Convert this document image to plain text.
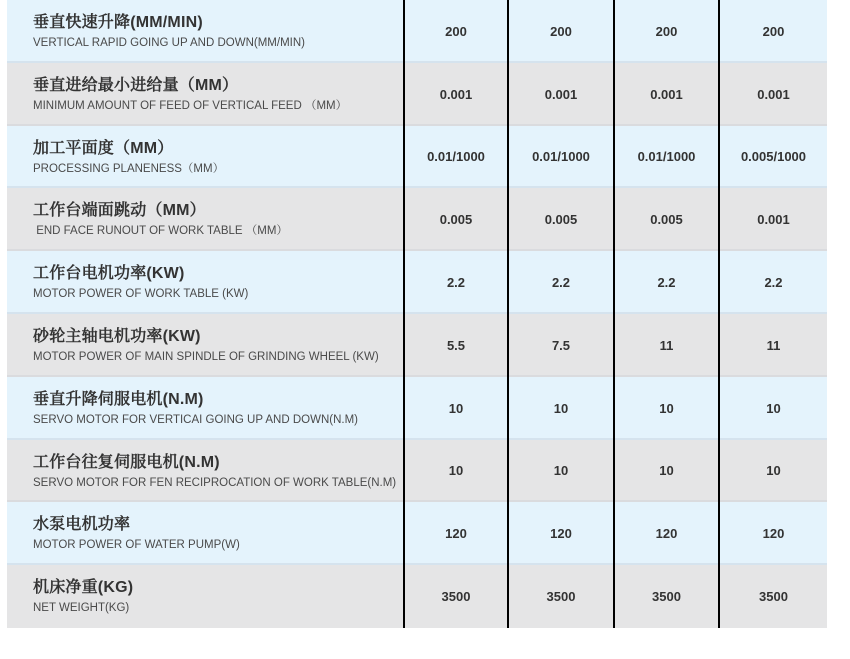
垂直快速升降(MM/MIN)
VERTICAL RAPID GOING UP AND DOWN(MM/MIN)
200	200	200	200
垂直进给最小进给量（MM）
MINIMUM AMOUNT OF FEED OF VERTICAL FEED （MM）
0.001	0.001	0.001	0.001
加工平面度（MM）
PROCESSING PLANENESS（MM）
0.01/1000	0.01/1000	0.01/1000	0.005/1000
工作台端面跳动（MM）
END FACE RUNOUT OF WORK TABLE （MM）
0.005	0.005	0.005	0.001
工作台电机功率(KW)
MOTOR POWER OF WORK TABLE (KW)
2.2	2.2	2.2	2.2
砂轮主轴电机功率(KW)
MOTOR POWER OF MAIN SPINDLE OF GRINDING WHEEL (KW)
5.5	7.5	11	11
垂直升降伺服电机(N.M)
SERVO MOTOR FOR VERTICAI GOING UP AND DOWN(N.M)
10	10	10	10
工作台往复伺服电机(N.M)
SERVO MOTOR FOR FEN RECIPROCATION OF WORK TABLE(N.M)
10	10	10	10
水泵电机功率
MOTOR POWER OF WATER PUMP(W)
120	120	120	120
机床净重(KG)
NET WEIGHT(KG)
3500	3500	3500	3500
